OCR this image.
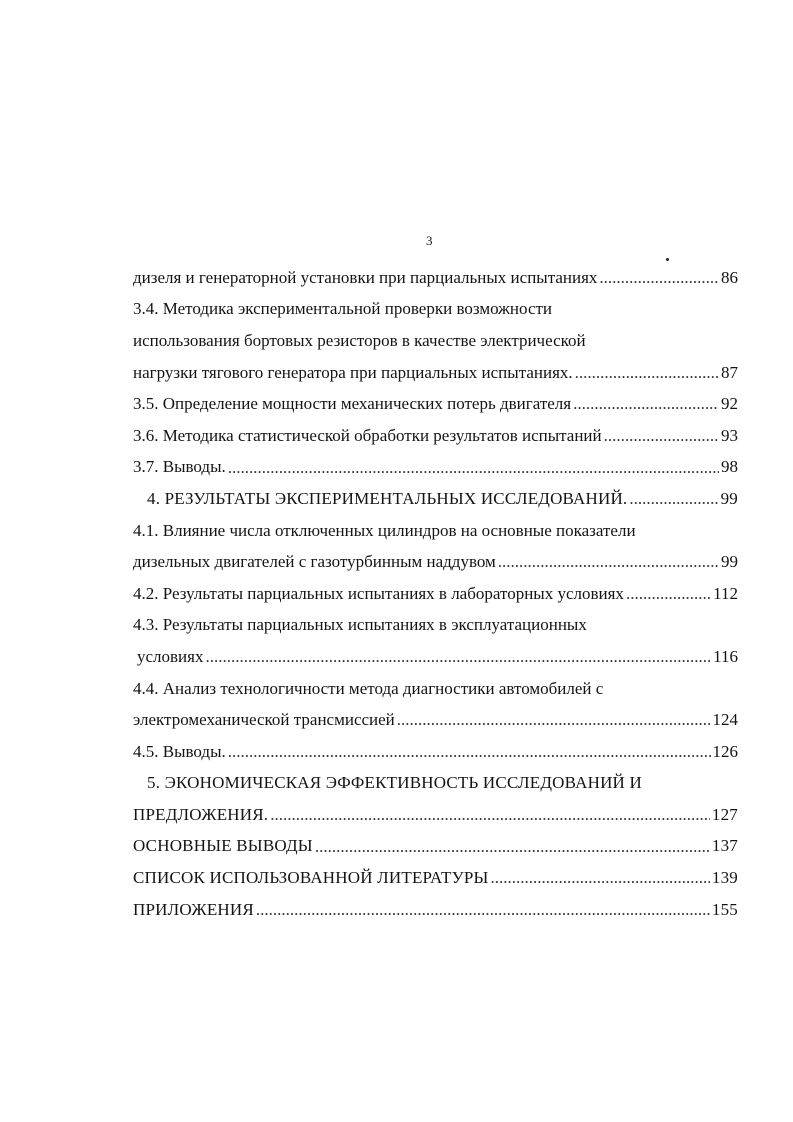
3
дизеля и генераторной установки при парциальных испытаниях .....	86
3.4. Методика экспериментальной проверки возможности
использования бортовых резисторов в качестве электрической
нагрузки тягового генератора при парциальных испытаниях. .....	87
3.5. Определение мощности механических потерь двигателя .....	92
3.6. Методика статистической обработки результатов испытаний .....	93
3.7. Выводы. .....	98
4. РЕЗУЛЬТАТЫ ЭКСПЕРИМЕНТАЛЬНЫХ ИССЛЕДОВАНИЙ. .....	99
4.1. Влияние числа отключенных цилиндров на основные показатели
дизельных двигателей с газотурбинным наддувом .....	99
4.2. Результаты парциальных испытаниях в лабораторных условиях .....	112
4.3. Результаты парциальных испытаниях в эксплуатационных
условиях .....	116
4.4. Анализ технологичности метода диагностики автомобилей с
электромеханической трансмиссией .....	124
4.5. Выводы. .....	126
5. ЭКОНОМИЧЕСКАЯ ЭФФЕКТИВНОСТЬ ИССЛЕДОВАНИЙ И
ПРЕДЛОЖЕНИЯ. .....	127
ОСНОВНЫЕ ВЫВОДЫ .....	137
СПИСОК ИСПОЛЬЗОВАННОЙ ЛИТЕРАТУРЫ .....	139
ПРИЛОЖЕНИЯ .....	155
